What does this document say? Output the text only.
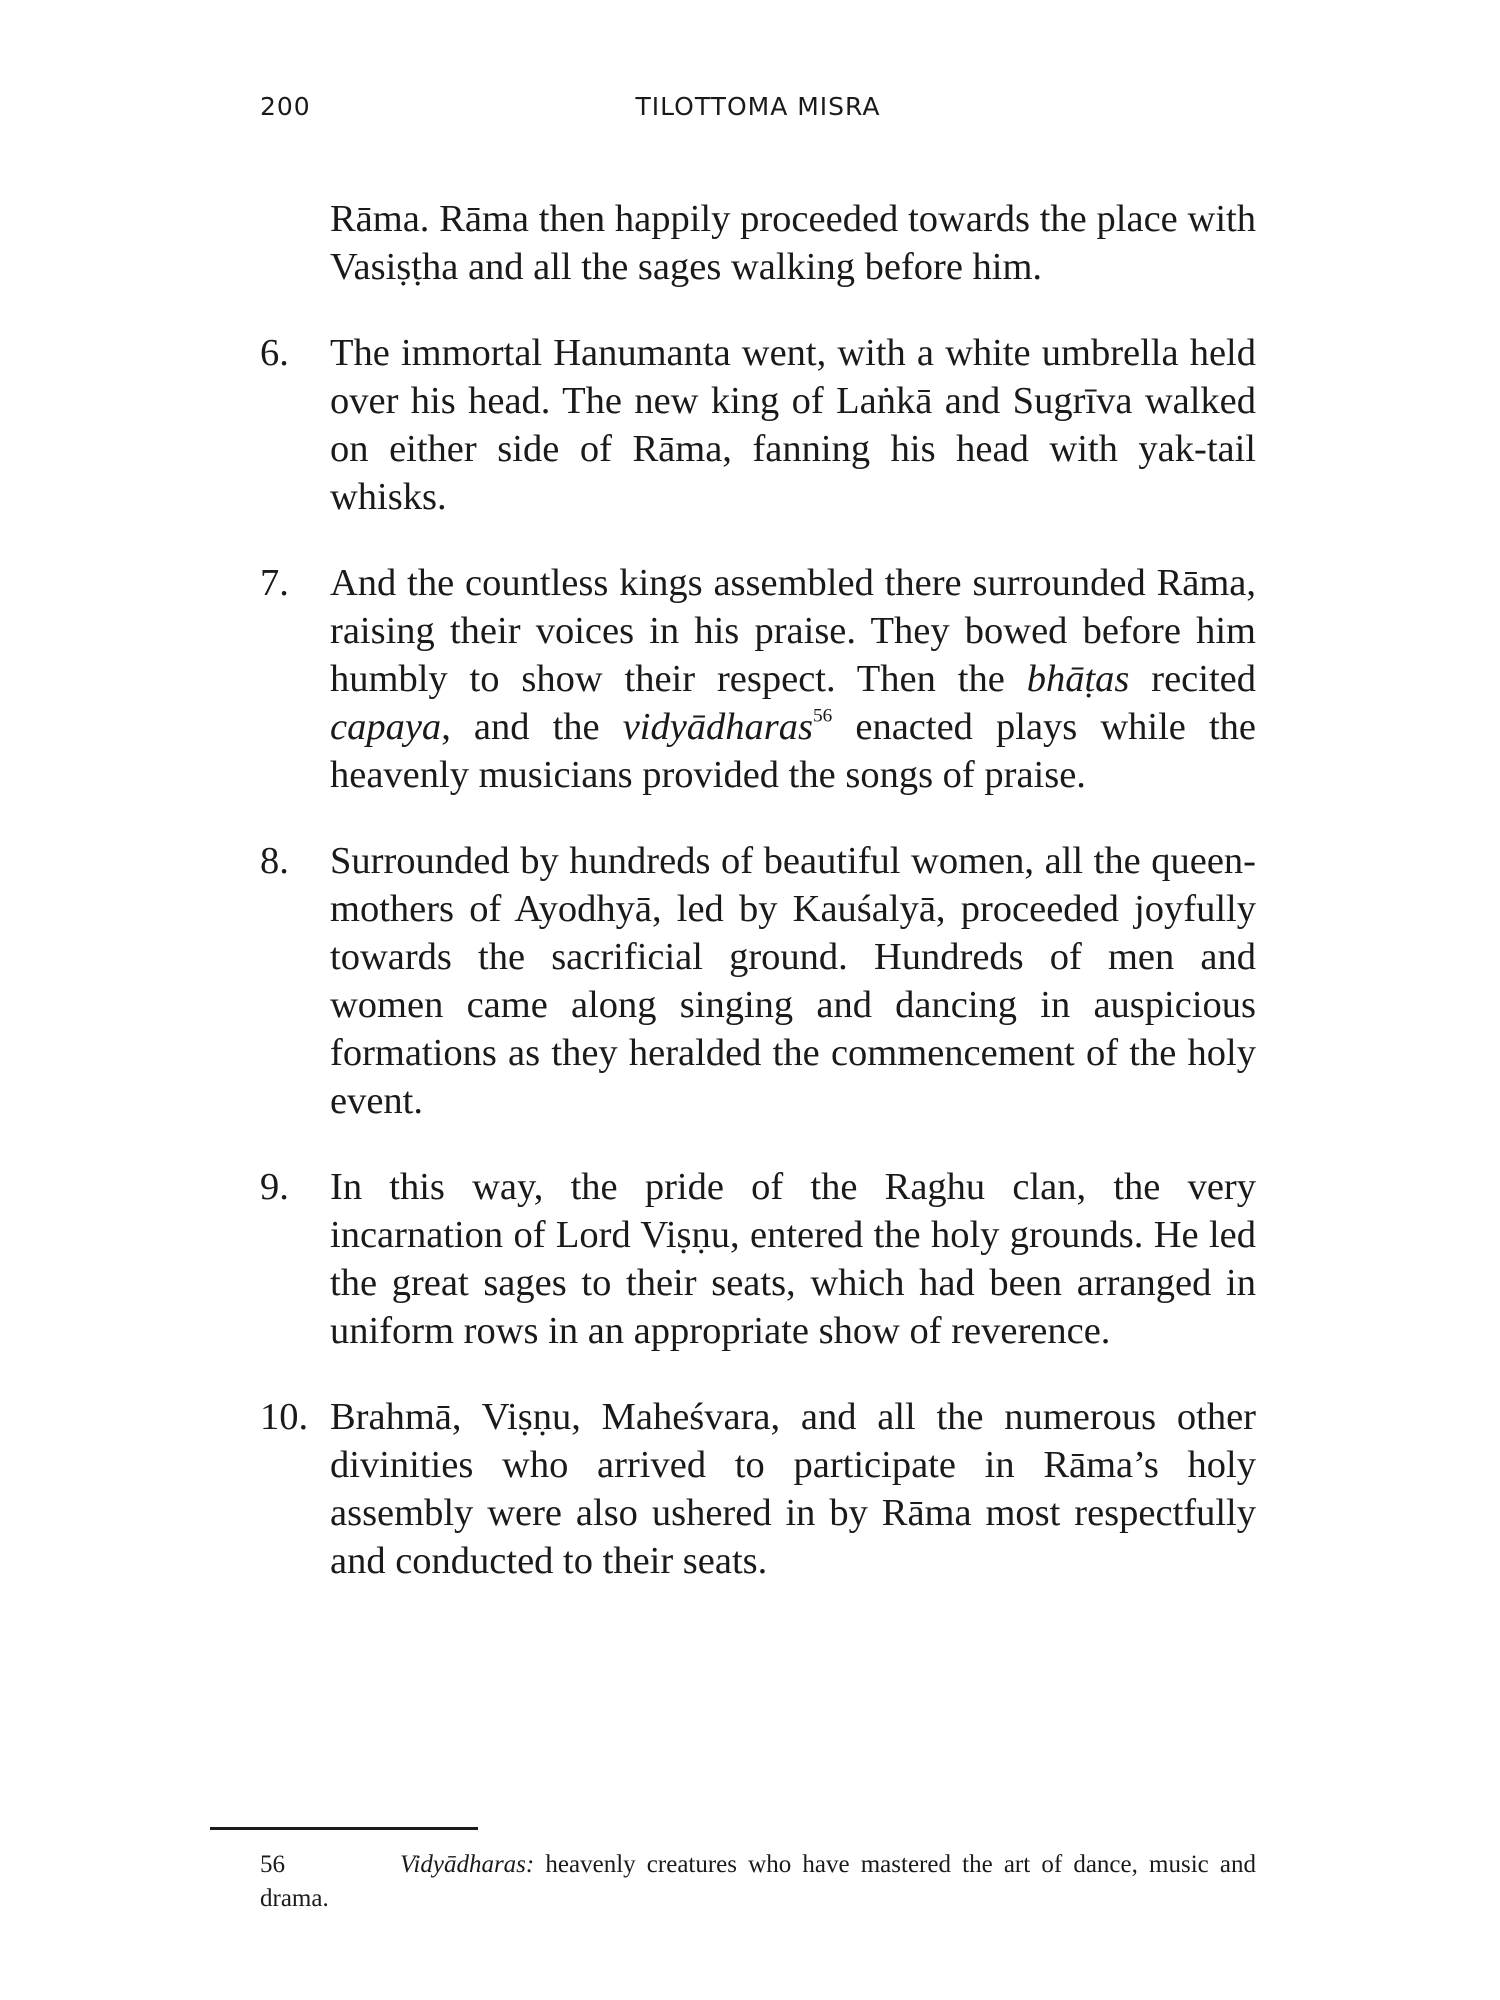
200	TILOTTOMA MISRA
Rāma. Rāma then happily proceeded towards the place with Vasiṣṭha and all the sages walking before him.
6.	The immortal Hanumanta went, with a white umbrella held over his head. The new king of Laṅkā and Sugrīva walked on either side of Rāma, fanning his head with yak-tail whisks.
7.	And the countless kings assembled there surrounded Rāma, raising their voices in his praise. They bowed before him humbly to show their respect. Then the bhāṭas recited capaya, and the vidyādharas$^{56}$ enacted plays while the heavenly musicians provided the songs of praise.
8.	Surrounded by hundreds of beautiful women, all the queen-mothers of Ayodhyā, led by Kauśalyā, proceeded joyfully towards the sacrificial ground. Hundreds of men and women came along singing and dancing in auspicious formations as they heralded the commencement of the holy event.
9.	In this way, the pride of the Raghu clan, the very incarnation of Lord Viṣṇu, entered the holy grounds. He led the great sages to their seats, which had been arranged in uniform rows in an appropriate show of reverence.
10. Brahmā, Viṣṇu, Maheśvara, and all the numerous other divinities who arrived to participate in Rāma’s holy assembly were also ushered in by Rāma most respectfully and conducted to their seats.
56	Vidyādharas: heavenly creatures who have mastered the art of dance, music and drama.
